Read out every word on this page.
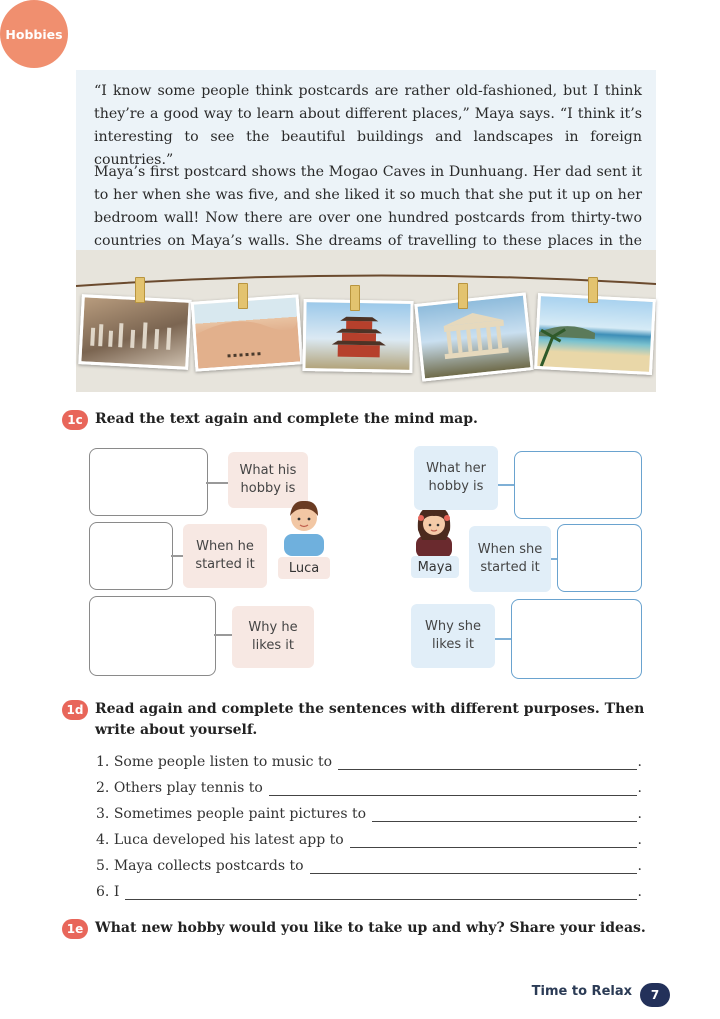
“I know some people think postcards are rather old-fashioned, but I think they’re a good way to learn about different places,” Maya says. “I think it’s interesting to see the beautiful buildings and landscapes in foreign countries.”
Maya’s first postcard shows the Mogao Caves in Dunhuang. Her dad sent it to her when she was five, and she liked it so much that she put it up on her bedroom wall! Now there are over one hundred postcards from thirty-two countries on Maya’s walls. She dreams of travelling to these places in the
1c Read the text again and complete the mind map.
What his hobby is
When he started it
Why he likes it
Luca
Hobbies
Maya
What her hobby is
When she started it
Why she likes it
1d Read again and complete the sentences with different purposes. Then write about yourself.
1.
Some people listen to music to	.
2.
Others play tennis to	.
3.
Sometimes people paint pictures to	.
4.
Luca developed his latest app to	.
5.
Maya collects postcards to	.
6.
I	.
1e What new hobby would you like to take up and why? Share your ideas.
Time to Relax	7
